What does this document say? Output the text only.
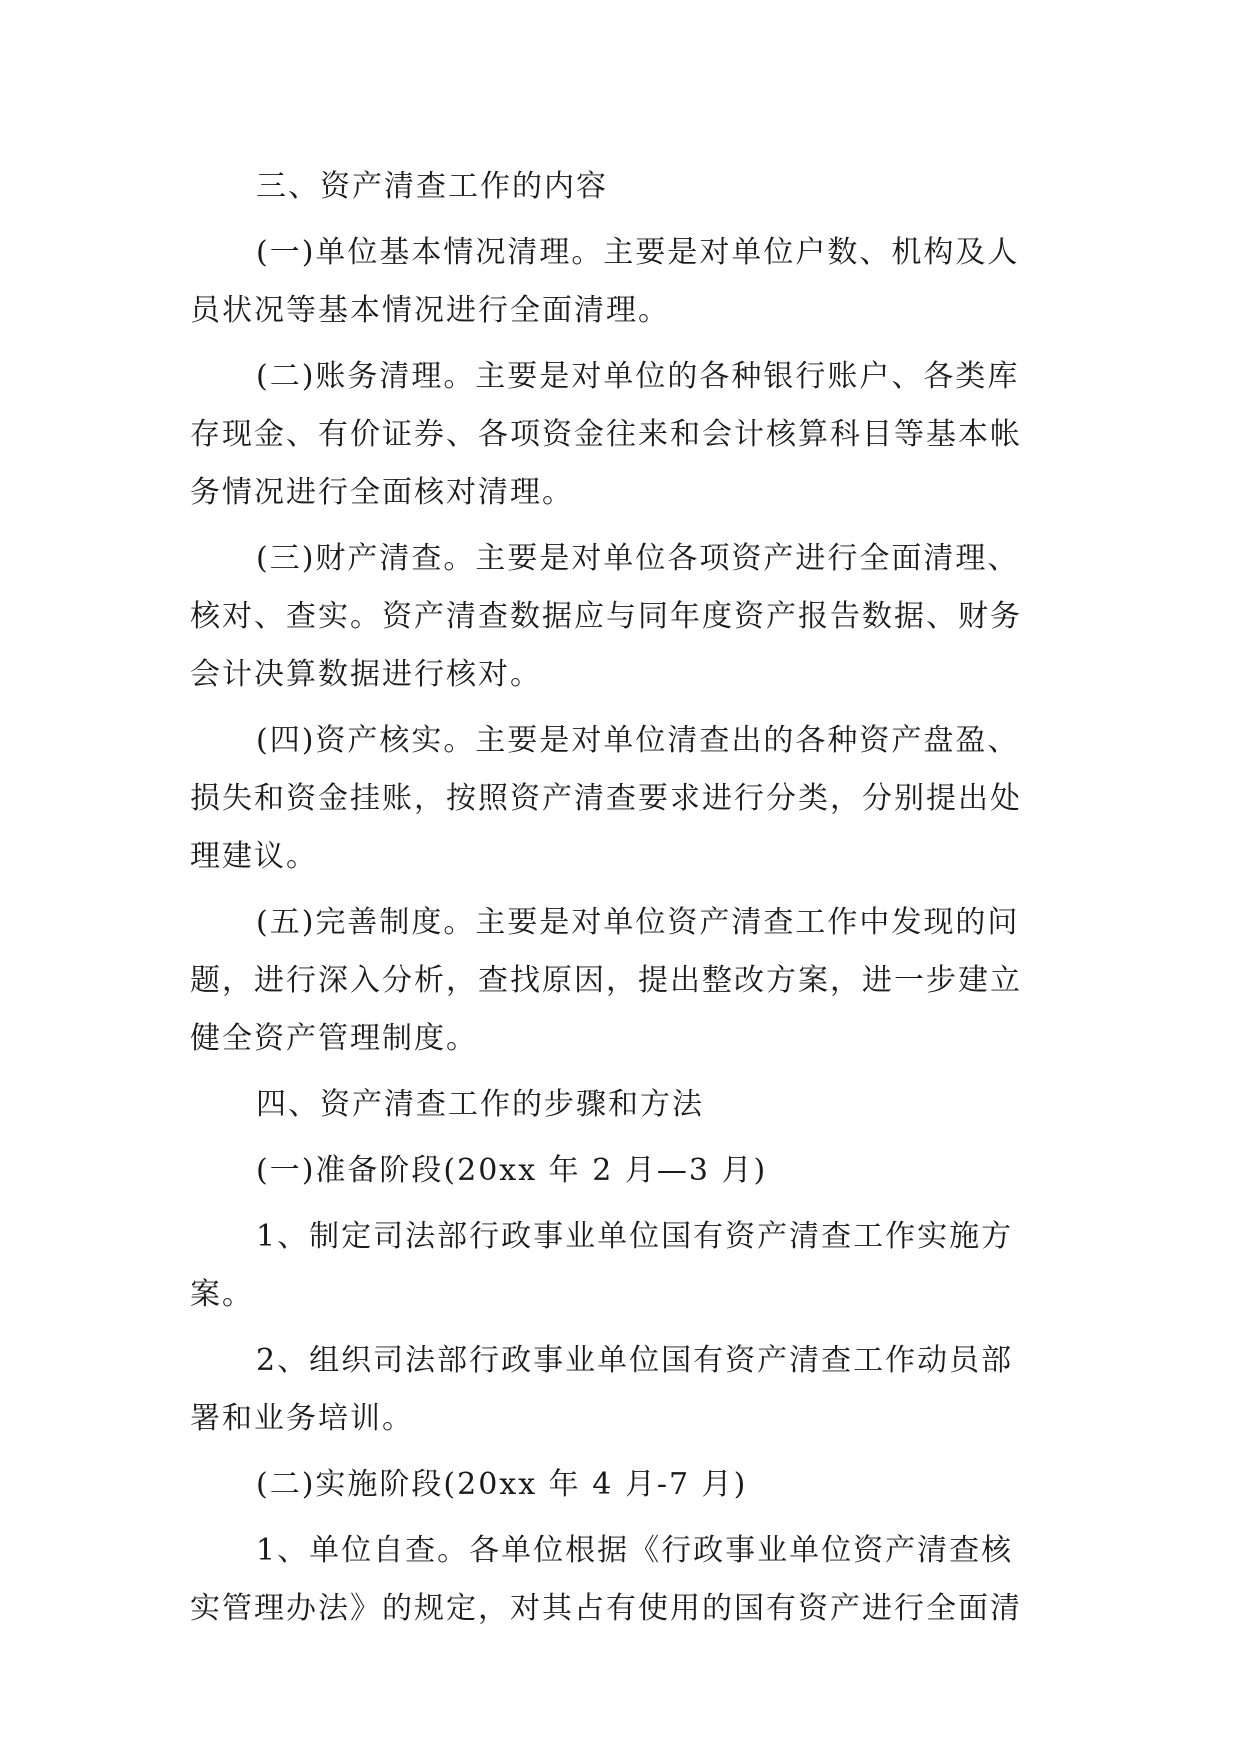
三、资产清查工作的内容
(一)单位基本情况清理。主要是对单位户数、机构及人
员状况等基本情况进行全面清理。
(二)账务清理。主要是对单位的各种银行账户、各类库
存现金、有价证券、各项资金往来和会计核算科目等基本帐
务情况进行全面核对清理。
(三)财产清查。主要是对单位各项资产进行全面清理、
核对、查实。资产清查数据应与同年度资产报告数据、财务
会计决算数据进行核对。
(四)资产核实。主要是对单位清查出的各种资产盘盈、
损失和资金挂账，按照资产清查要求进行分类，分别提出处
理建议。
(五)完善制度。主要是对单位资产清查工作中发现的问
题，进行深入分析，查找原因，提出整改方案，进一步建立
健全资产管理制度。
四、资产清查工作的步骤和方法
(一)准备阶段(20xx 年 2 月—3 月)
1、制定司法部行政事业单位国有资产清查工作实施方
案。
2、组织司法部行政事业单位国有资产清查工作动员部
署和业务培训。
(二)实施阶段(20xx 年 4 月-7 月)
1、单位自查。各单位根据《行政事业单位资产清查核
实管理办法》的规定，对其占有使用的国有资产进行全面清
